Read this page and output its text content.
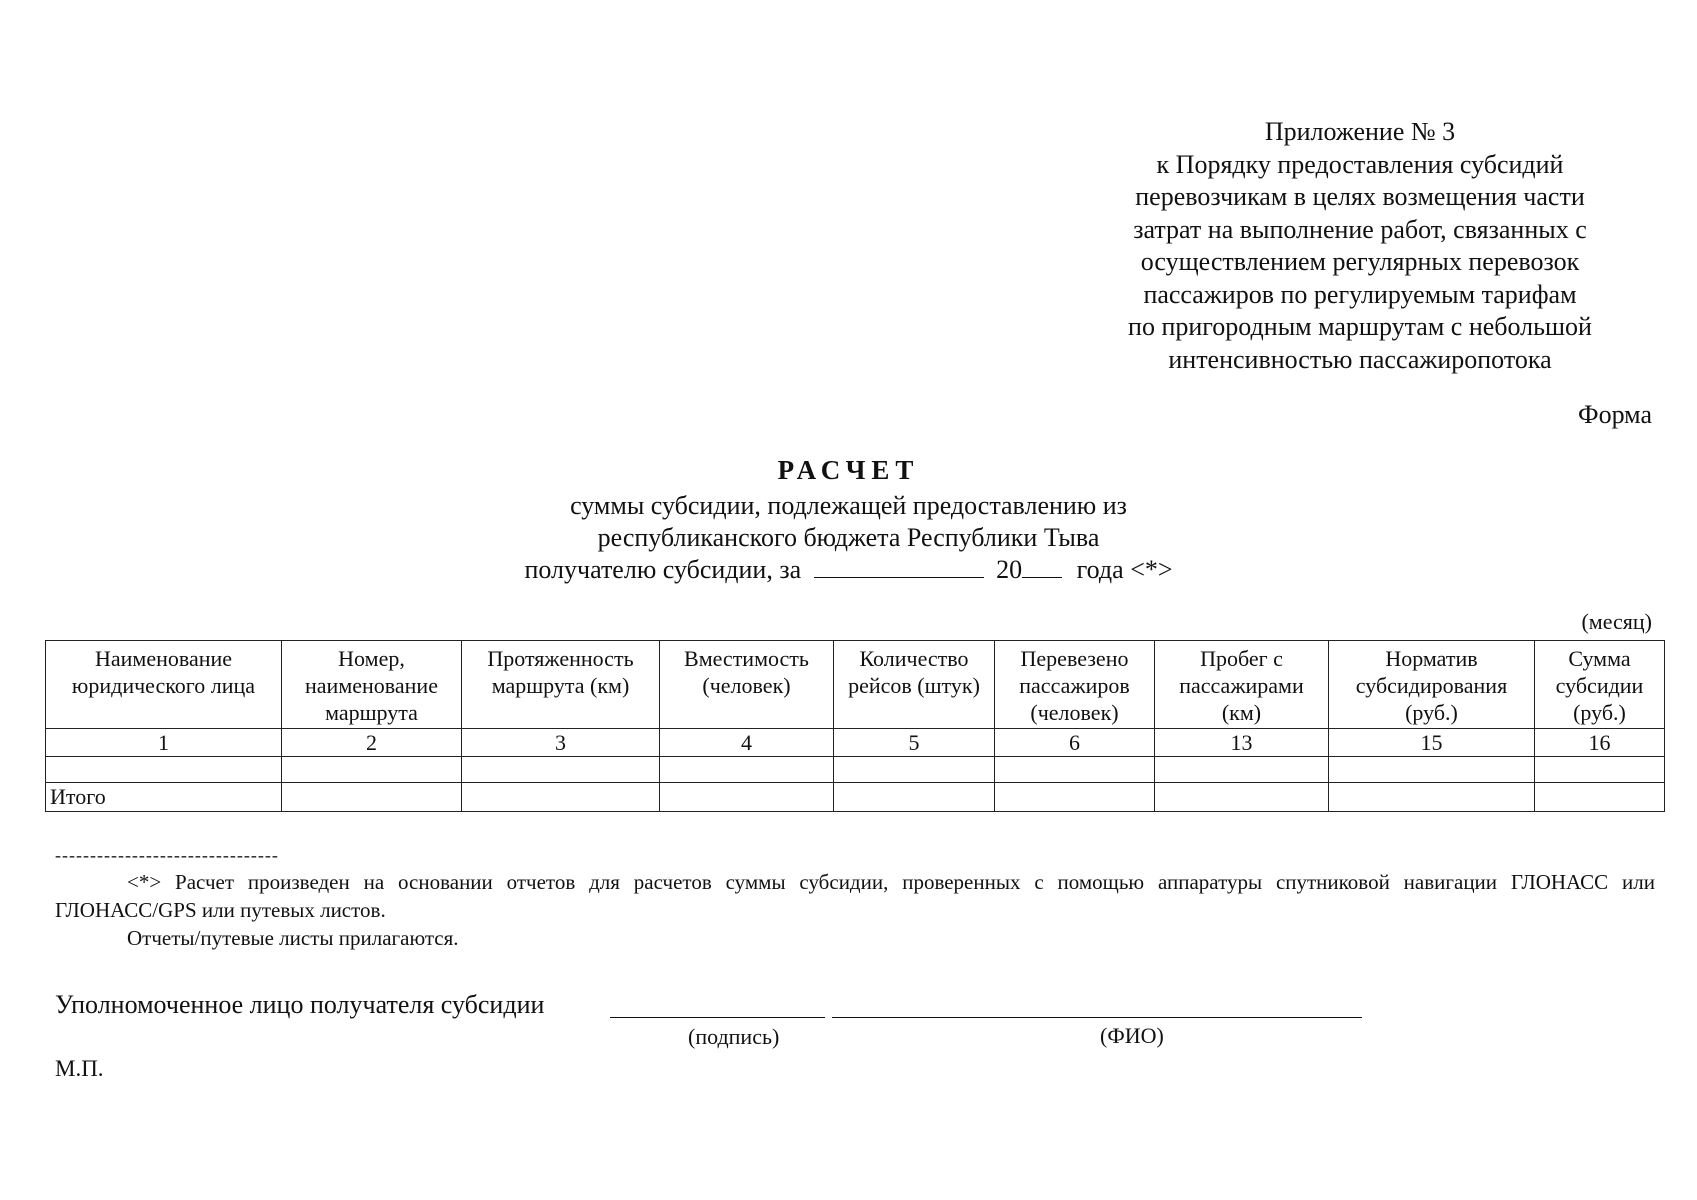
Приложение № 3
к Порядку предоставления субсидий
перевозчикам в целях возмещения части
затрат на выполнение работ, связанных с
осуществлением регулярных перевозок
пассажиров по регулируемым тарифам
по пригородным маршрутам с небольшой
интенсивностью пассажиропотока
Форма
РАСЧЕТ
суммы субсидии, подлежащей предоставлению из
республиканского бюджета Республики Тыва
получателю субсидии, за	20 года <*>
(месяц)
Наименование юридического лица	Номер, наименование маршрута	Протяженность маршрута (км)	Вместимость (человек)	Количество рейсов (штук)	Перевезено пассажиров (человек)	Пробег с пассажирами (км)	Норматив субсидирования (руб.)	Сумма субсидии (руб.)
1	2	3	4	5	6	13	15	16

Итого								
--------------------------------

<*> Расчет произведен на основании отчетов для расчетов суммы субсидии, проверенных с помощью аппаратуры спутниковой навигации ГЛОНАСС или ГЛОНАСС/GPS или путевых листов.

Отчеты/путевые листы прилагаются.

Уполномоченное лицо получателя субсидии
(подпись)	(ФИО)
М.П.
